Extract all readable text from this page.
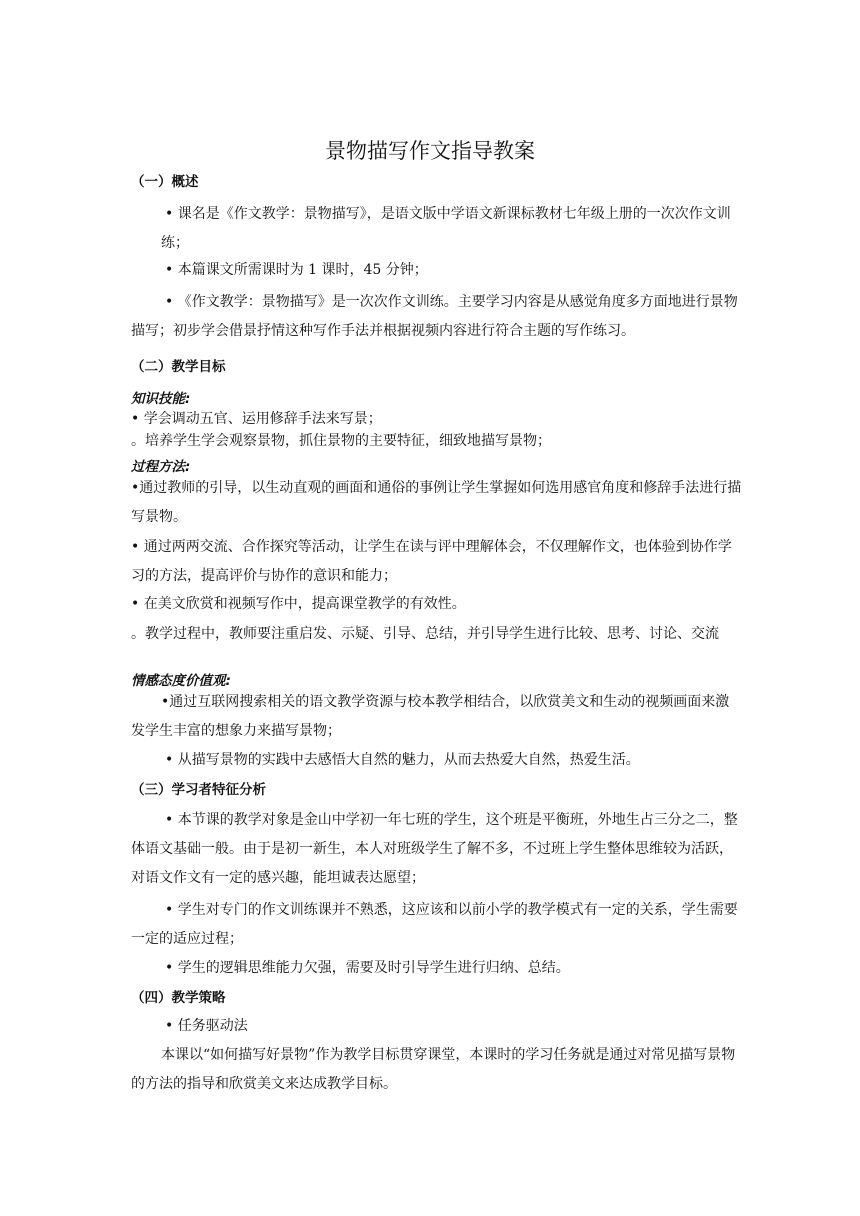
景物描写作文指导教案
（一）概述

• 课名是《作文教学：景物描写》，是语文版中学语文新课标教材七年级上册的一次次作文训练；

• 本篇课文所需课时为 1 课时，45 分钟；

• 《作文教学：景物描写》是一次次作文训练。主要学习内容是从感觉角度多方面地进行景物描写；初步学会借景抒情这种写作手法并根据视频内容进行符合主题的写作练习。

（二）教学目标
知识技能:

• 学会调动五官、运用修辞手法来写景；

。培养学生学会观察景物，抓住景物的主要特征，细致地描写景物；

过程方法:

•通过教师的引导，以生动直观的画面和通俗的事例让学生掌握如何选用感官角度和修辞手法进行描写景物。

• 通过两两交流、合作探究等活动，让学生在读与评中理解体会，不仅理解作文，也体验到协作学习的方法，提高评价与协作的意识和能力；

• 在美文欣赏和视频写作中，提高课堂教学的有效性。

。教学过程中，教师要注重启发、示疑、引导、总结，并引导学生进行比较、思考、讨论、交流

情感态度价值观:

•通过互联网搜索相关的语文教学资源与校本教学相结合，以欣赏美文和生动的视频画面来激发学生丰富的想象力来描写景物；

• 从描写景物的实践中去感悟大自然的魅力，从而去热爱大自然，热爱生活。

（三）学习者特征分析

• 本节课的教学对象是金山中学初一年七班的学生，这个班是平衡班，外地生占三分之二，整体语文基础一般。由于是初一新生，本人对班级学生了解不多，不过班上学生整体思维较为活跃，对语文作文有一定的感兴趣，能坦诚表达愿望；

• 学生对专门的作文训练课并不熟悉，这应该和以前小学的教学模式有一定的关系，学生需要一定的适应过程；

• 学生的逻辑思维能力欠强，需要及时引导学生进行归纳、总结。

（四）教学策略

• 任务驱动法

本课以“如何描写好景物”作为教学目标贯穿课堂，本课时的学习任务就是通过对常见描写景物的方法的指导和欣赏美文来达成教学目标。
